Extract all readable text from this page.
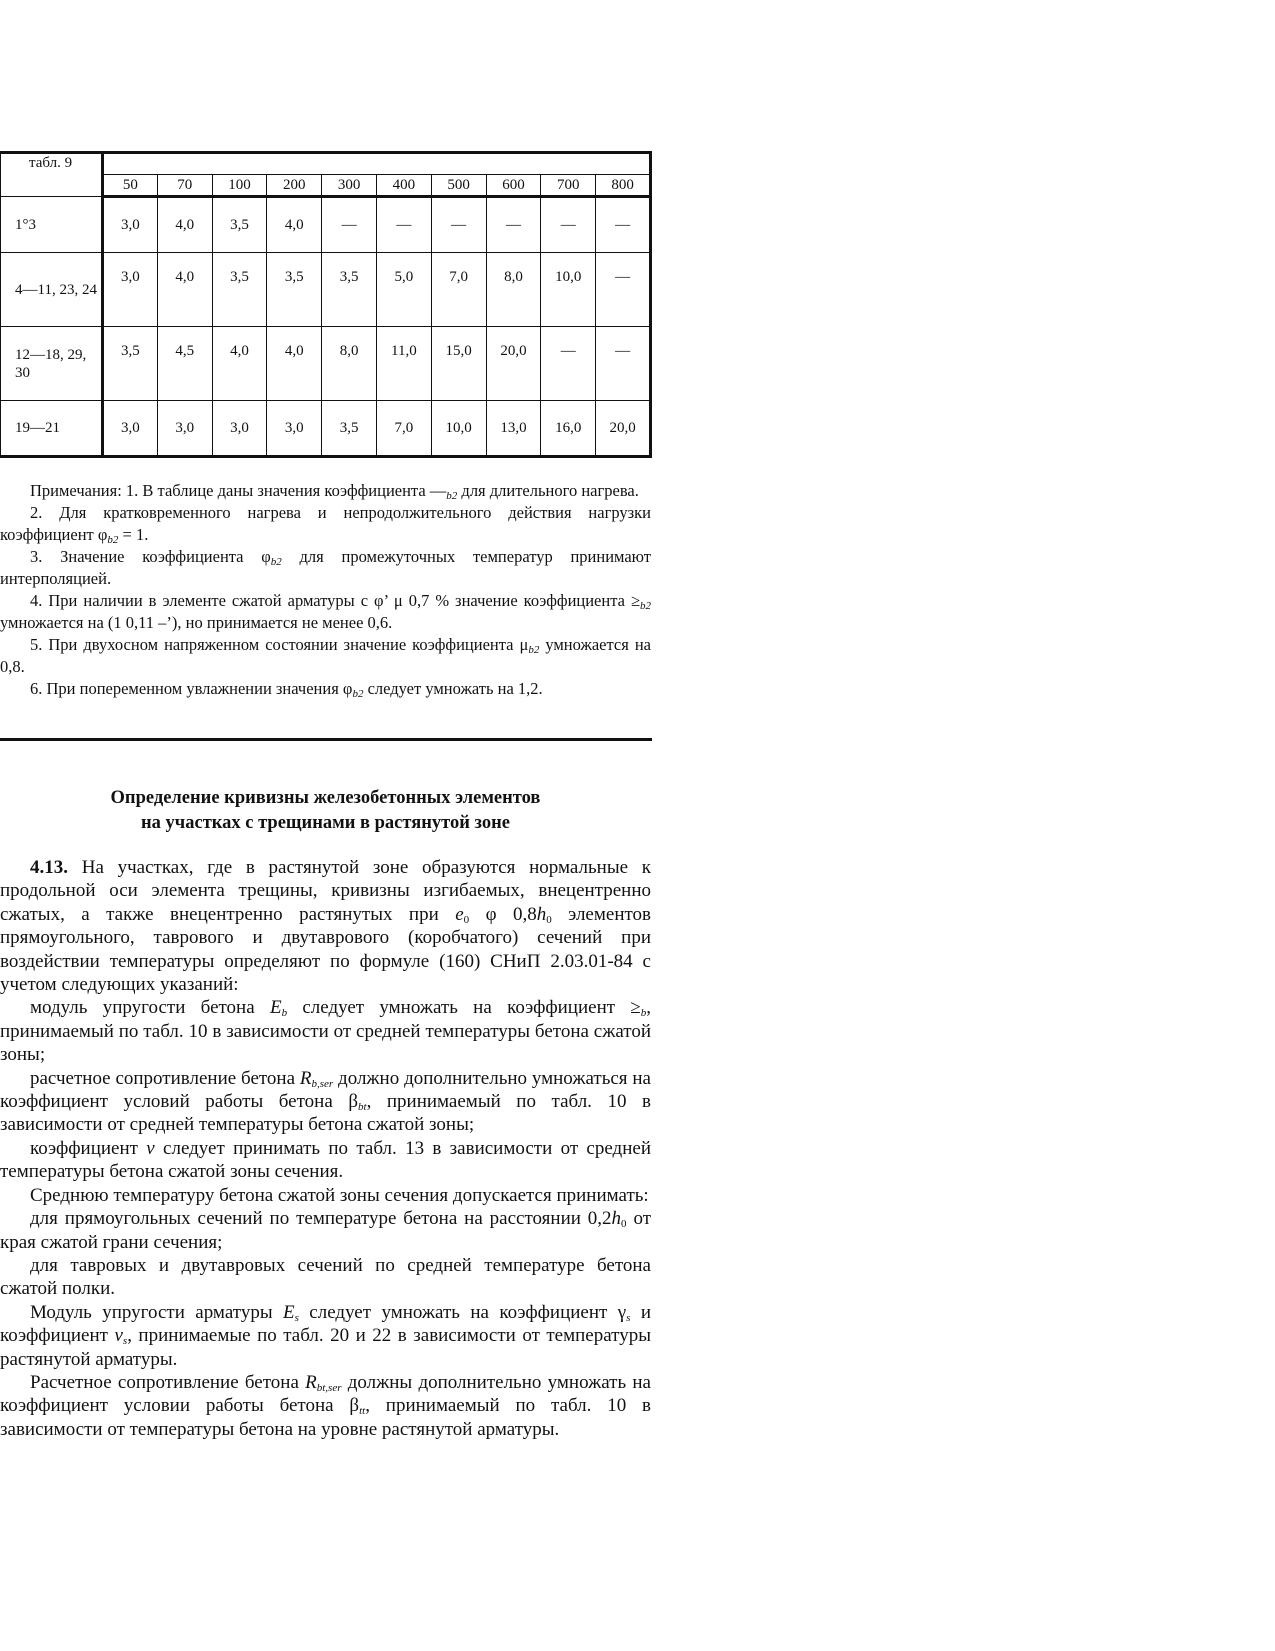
табл. 9										
	50	70	100	200	300	400	500	600	700	800
1°3	3,0	4,0	3,5	4,0	—	—	—	—	—	—
4—11, 23, 24	3,0	4,0	3,5	3,5	3,5	5,0	7,0	8,0	10,0	—
12—18, 29, 30	3,5	4,5	4,0	4,0	8,0	11,0	15,0	20,0	—	—
19—21	3,0	3,0	3,0	3,0	3,5	7,0	10,0	13,0	16,0	20,0

Примечания: 1. В таблице даны значения коэффициента $—_{b2}$ для длительного нагрева.

2. Для кратковременного нагрева и непродолжительного действия нагрузки коэффициент $\varphi_{b2} = 1$.

3. Значение коэффициента $\varphi_{b2}$ для промежуточных температур принимают интерполяцией.

4. При наличии в элементе сжатой арматуры с φ’ μ 0,7 % значение коэффициента $\ge_{b2}$ умножается на (1 0,11 –’), но принимается не менее 0,6.

5. При двухосном напряженном состоянии значение коэффициента $\mu_{b2}$ умножается на 0,8.

6. При попеременном увлажнении значения $\varphi_{b2}$ следует умножать на 1,2.

Определение кривизны железобетонных элементов
на участках с трещинами в растянутой зоне

4.13. На участках, где в растянутой зоне образуются нормальные к продольной оси элемента трещины, кривизны изгибаемых, внецентренно сжатых, а также внецентренно растянутых при $e_0$ φ $0,8h_0$ элементов прямоугольного, таврового и двутаврового (коробчатого) сечений при воздействии температуры определяют по формуле (160) СНиП 2.03.01-84 с учетом следующих указаний:

модуль упругости бетона $E_b$ следует умножать на коэффициент $\ge_b$, принимаемый по табл. 10 в зависимости от средней температуры бетона сжатой зоны;

расчетное сопротивление бетона $R_{b,ser}$ должно дополнительно умножаться на коэффициент условий работы бетона $\beta_{bt}$, принимаемый по табл. 10 в зависимости от средней температуры бетона сжатой зоны;

коэффициент v следует принимать по табл. 13 в зависимости от средней температуры бетона сжатой зоны сечения.

Среднюю температуру бетона сжатой зоны сечения допускается принимать:

для прямоугольных сечений по температуре бетона на расстоянии $0,2h_0$ от края сжатой грани сечения;

для тавровых и двутавровых сечений по средней температуре бетона сжатой полки.

Модуль упругости арматуры $E_s$ следует умножать на коэффициент $\gamma_s$ и коэффициент $v_s$, принимаемые по табл. 20 и 22 в зависимости от температуры растянутой арматуры.

Расчетное сопротивление бетона $R_{bt,ser}$ должны дополнительно умножать на коэффициент условии работы бетона $\beta_{tt}$, принимаемый по табл. 10 в зависимости от температуры бетона на уровне растянутой арматуры.
